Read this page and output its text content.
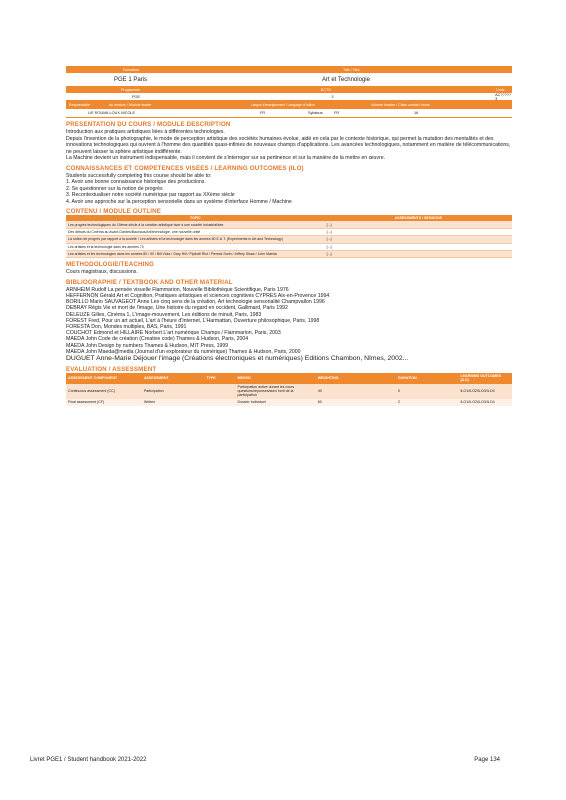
Formation	Title / Titre
PGE 1 Paris	Art et Technologie
Programme	ECTS	Code
PGE	3	AC?????3
Responsable	du module / Module leader	Langue d'enseignement / Language of tuition	Volume horaire / Class contact hours
LIE ROUMILLOUX NICOLE	FR	Syllabus:	FR	16
PRESENTATION DU COURS / MODULE DESCRIPTION

Introduction aux pratiques artistiques liées à différentes technologies.

Depuis l'invention de la photographie, le mode de perception artistique des sociétés humaines évolue, aidé en cela par le contexte historique, qui permet la mutation des mentalités et des innovations technologiques qui ouvrent à l'homme des quantités quasi-infinies de nouveaux champs d'applications. Les avancées technologiques, notamment en matière de télécommunications, ne peuvent laisser la sphère artistique indifférente.

La Machine devient un instrument indispensable, mais il convient de s'interroger sur sa pertinence et sur la manière de la mettre en œuvre.

CONNAISSANCES ET COMPETENCES VISEES / LEARNING OUTCOMES (ILO)

Students successfully completing this course should be able to:

1. Avoir une bonne connaissance historique des productions.

2. Se questionner sur la notion de progrès

3. Recontextualiser notre société numérique par rapport au XXème siècle

4. Avoir une approche sur la perception sensorielle dans un système d'interface Homme / Machine

CONTENU / MODULE OUTLINE
TOPIC	ASSESSMENTS / SESSIONS
Les progrès technologiques du 19ème siècle à la création artistique face à une société industrialisée	[...]
Dès débuts du Cinéma au Avant-Gardes/Bauhaus/Art/technologie, une nouvelle unité	[...]
La notion de progrès par rapport à la société / Les artistes et la technologie dans les années 60 E.A.T. (Experiments in Art and Technology)	[...]
Les artistes et la technologie dans les années 70	[...]
Les artistes et les technologies dans les années 80 / 90 / Bill Viola / Gary Hill / Pipilotti Rist / Pierrick Sorin / Jeffrey Shaw / John Maeda	[...]
METHODOLOGIE/TEACHING
Cours magistraux, discussions.
BIBLIOGRAPHIE / TEXTBOOK AND OTHER MATERIAL

ARNHEIM Rudolf La pensée visuelle Flammarion, Nouvelle Bibliothèque Scientifique, Paris 1976

HEFFERNON Gérald Art et Cognition, Pratiques artistiques et sciences cognitives CYPRES Aix-en-Provence 1994

BORILLO Mario SAUVAGEOT Anne Les cinq sens de la création, Art technologie sensorialité Champvallon 1996

DEBRAY Régis Vie et mort de l'image, Une histoire du regard en occident, Gallimard, Paris 1992

DELEUZE Gilles, Cinéma 1, L'image-mouvement, Les éditions de minuit, Paris, 1983

FOREST Fred, Pour un art actuel, L'art à l'heure d'Internet, L'Harmattan, Ouverture philosophique, Paris, 1998

FORESTA Don, Mondes multiples, BAS, Paris, 1991

COUCHOT Edmond et HILLAIRE Norbert L'art numérique Champs / Flammarion, Paris, 2003

MAEDA John Code de création (Creative code) Thames & Hudson, Paris, 2004

MAEDA John Design by numbers Thames & Hudson, MIT Press, 1999

MAEDA John Maeda@media (Journal d'un explorateur du numérique) Thames & Hudson, Paris, 2000

DUGUET Anne-Marie Déjouer l'image (Créations électroniques et numériques) Editions Chambon, Nîmes, 2002...

EVALUATION / ASSESSMENT
ASSESSMENT COMPONENT	ASSESSMENT	TYPE	MEHOD	WEIGHTING	DURATION	LEARNING OUTCOMES (ILO)
Continuous assessment (CC)	Participation		Participation active durant les cours questions/réponses/suivi écrit de la participation	40	0	ILO1/ILO2/ILO3/ILO4
Final assessment (CF)	Written		Dossier Individuel	60	2	ILO1/ILO2/ILO3/ILO4
Livret PGE1 / Student handbook 2021-2022	Page 134
